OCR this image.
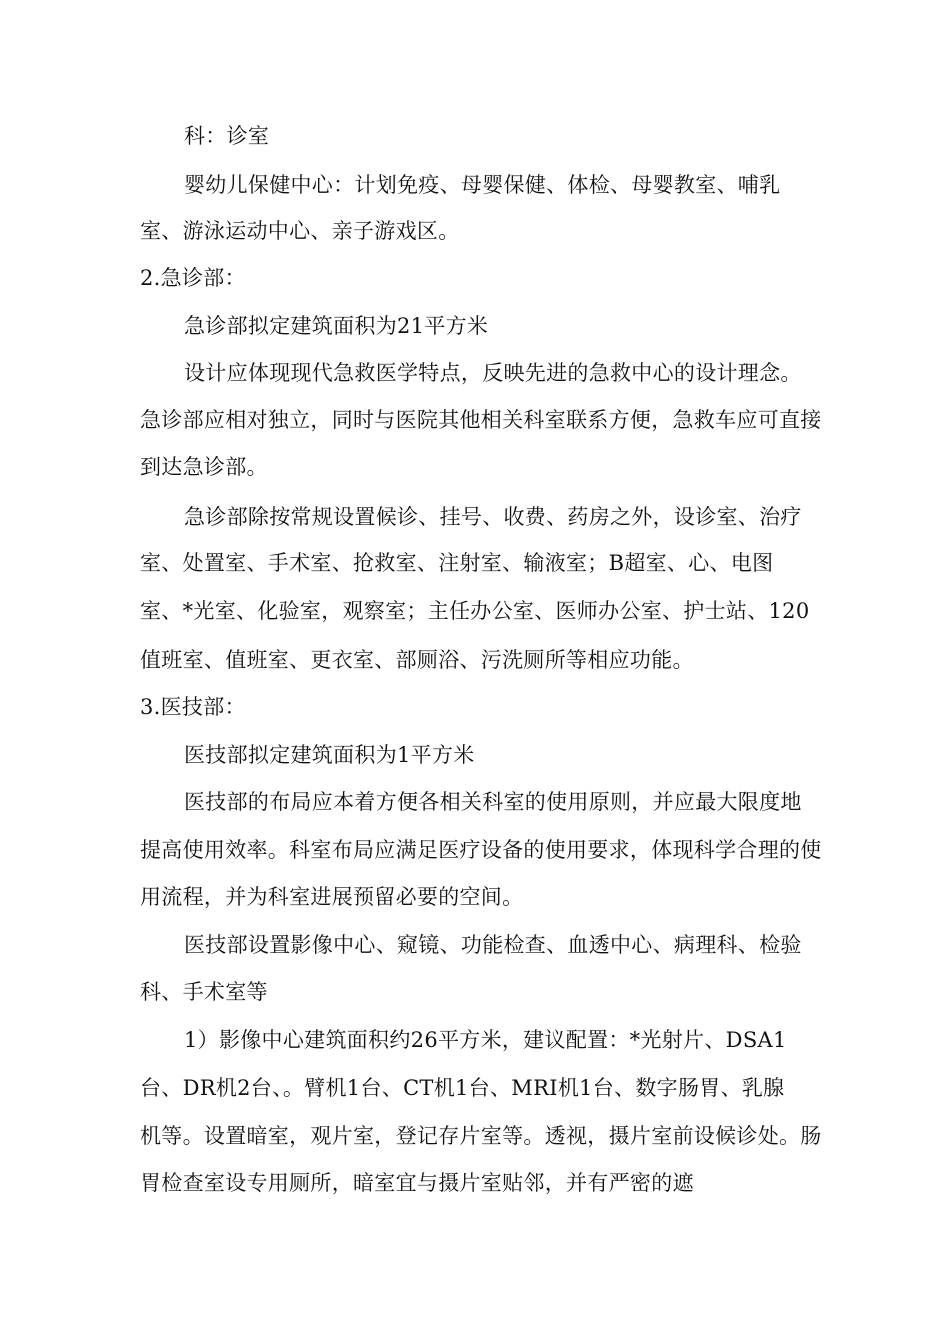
科：诊室
婴幼儿保健中心：计划免疫、母婴保健、体检、母婴教室、哺乳
室、游泳运动中心、亲子游戏区。
2.急诊部：
急诊部拟定建筑面积为21平方米
设计应体现现代急救医学特点，反映先进的急救中心的设计理念。
急诊部应相对独立，同时与医院其他相关科室联系方便，急救车应可直接
到达急诊部。
急诊部除按常规设置候诊、挂号、收费、药房之外，设诊室、治疗
室、处置室、手术室、抢救室、注射室、输液室；B超室、心、电图
室、*光室、化验室，观察室；主任办公室、医师办公室、护士站、120
值班室、值班室、更衣室、部厕浴、污洗厕所等相应功能。
3.医技部：
医技部拟定建筑面积为1平方米
医技部的布局应本着方便各相关科室的使用原则，并应最大限度地
提高使用效率。科室布局应满足医疗设备的使用要求，体现科学合理的使
用流程，并为科室进展预留必要的空间。
医技部设置影像中心、窥镜、功能检查、血透中心、病理科、检验
科、手术室等
1）影像中心建筑面积约26平方米，建议配置：*光射片、DSA1
台、DR机2台、。臂机1台、CT机1台、MRI机1台、数字肠胃、乳腺
机等。设置暗室，观片室，登记存片室等。透视，摄片室前设候诊处。肠
胃检查室设专用厕所，暗室宜与摄片室贴邻，并有严密的遮
